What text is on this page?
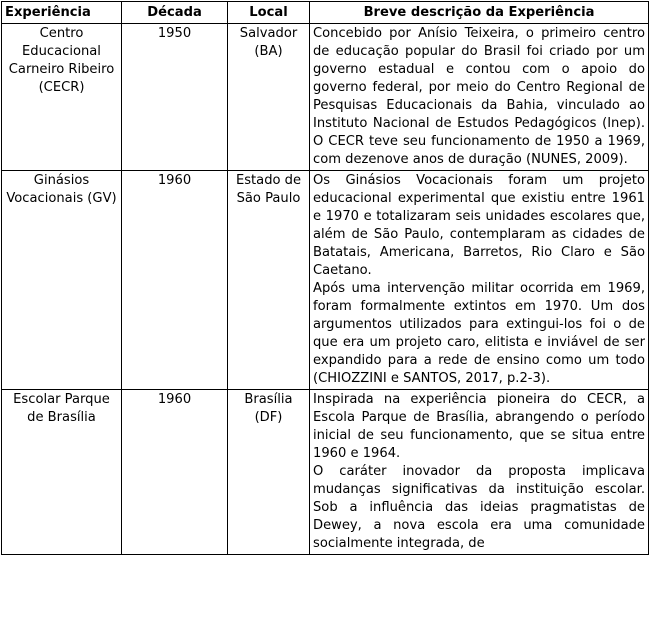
Experiência	Década	Local	Breve descrição da Experiência
Centro Educacional Carneiro Ribeiro (CECR)	1950	Salvador (BA)	Concebido por Anísio Teixeira, o primeiro centro de educação popular do Brasil foi criado por um governo estadual e contou com o apoio do governo federal, por meio do Centro Regional de Pesquisas Educacionais da Bahia, vinculado ao Instituto Nacional de Estudos Pedagógicos (Inep). O CECR teve seu funcionamento de 1950 a 1969, com dezenove anos de duração (NUNES, 2009).

Ginásios Vocacionais (GV)	1960	Estado de São Paulo	Os Ginásios Vocacionais foram um projeto educacional experimental que existiu entre 1961 e 1970 e totalizaram seis unidades escolares que, além de São Paulo, contemplaram as cidades de Batatais, Americana, Barretos, Rio Claro e São Caetano.
Após uma intervenção militar ocorrida em 1969, foram formalmente extintos em 1970. Um dos argumentos utilizados para extingui-los foi o de que era um projeto caro, elitista e inviável de ser expandido para a rede de ensino como um todo (CHIOZZINI e SANTOS, 2017, p.2-3).

Escolar Parque de Brasília	1960	Brasília (DF)	Inspirada na experiência pioneira do CECR, a Escola Parque de Brasília, abrangendo o período inicial de seu funcionamento, que se situa entre 1960 e 1964.
O caráter inovador da proposta implicava mudanças significativas da instituição escolar. Sob a influência das ideias pragmatistas de Dewey, a nova escola era uma comunidade socialmente integrada, de
